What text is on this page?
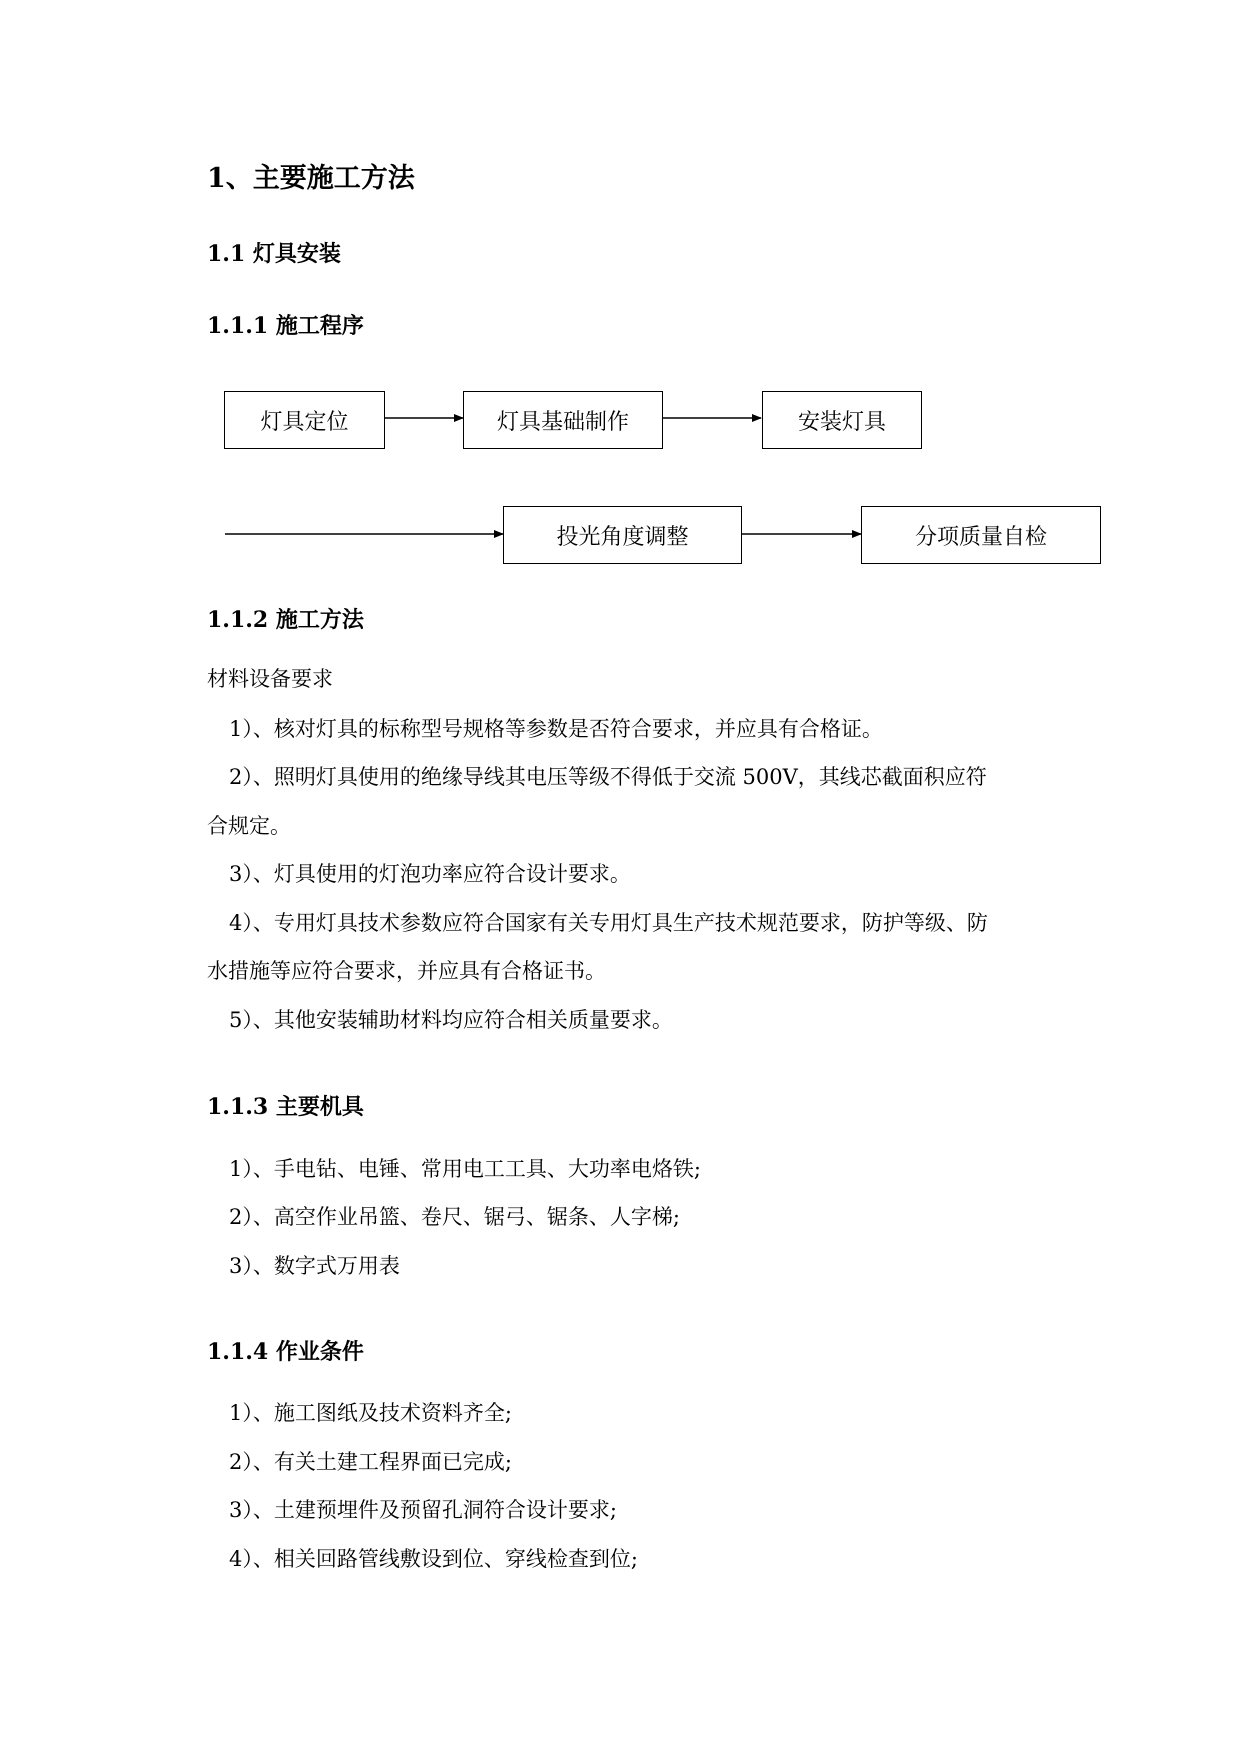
1、主要施工方法
1.1 灯具安装
1.1.1 施工程序
灯具定位	灯具基础制作	安装灯具
投光角度调整	分项质量自检
1.1.2 施工方法
材料设备要求
1）、核对灯具的标称型号规格等参数是否符合要求，并应具有合格证。
2）、照明灯具使用的绝缘导线其电压等级不得低于交流 500V，其线芯截面积应符
合规定。
3）、灯具使用的灯泡功率应符合设计要求。
4）、专用灯具技术参数应符合国家有关专用灯具生产技术规范要求，防护等级、防
水措施等应符合要求，并应具有合格证书。
5）、其他安装辅助材料均应符合相关质量要求。
1.1.3 主要机具
1）、手电钻、电锤、常用电工工具、大功率电烙铁;
2）、高空作业吊篮、卷尺、锯弓、锯条、人字梯;
3）、数字式万用表
1.1.4 作业条件
1）、施工图纸及技术资料齐全;
2）、有关土建工程界面已完成;
3）、土建预埋件及预留孔洞符合设计要求;
4）、相关回路管线敷设到位、穿线检查到位;
